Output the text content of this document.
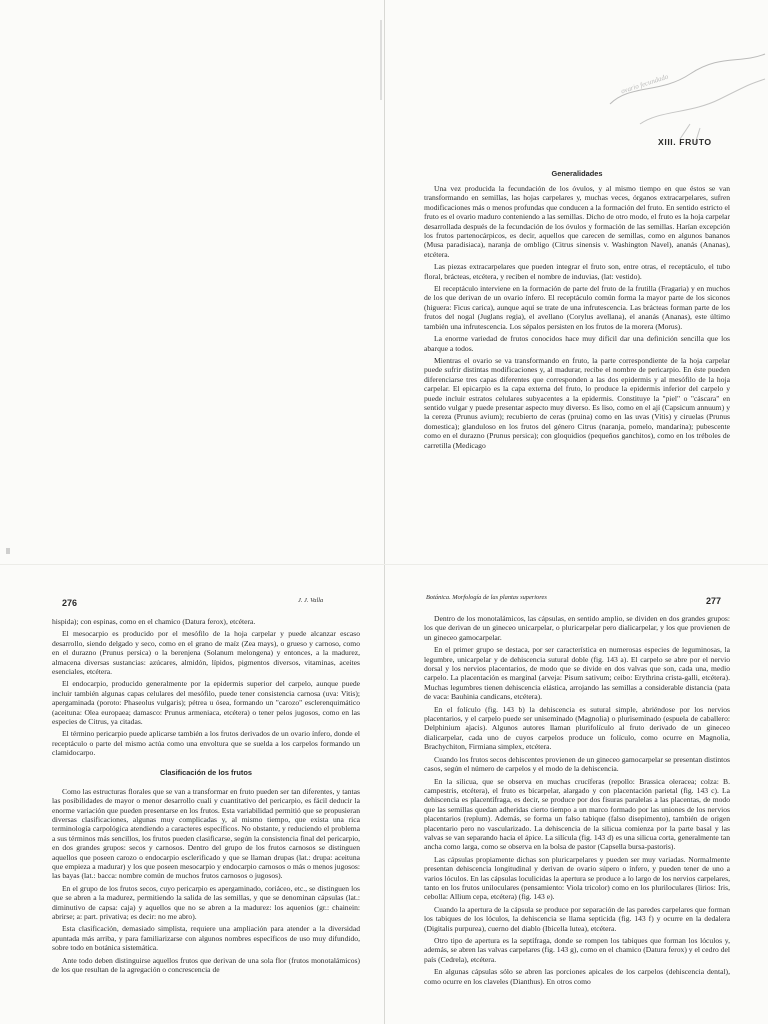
ovario fecundado
XIII. FRUTO
Generalidades

Una vez producida la fecundación de los óvulos, y al mismo tiempo en que éstos se van transformando en semillas, las hojas carpelares y, muchas veces, órganos extracarpelares, sufren modificaciones más o menos profundas que conducen a la formación del fruto. En sentido estricto el fruto es el ovario maduro conteniendo a las semillas. Dicho de otro modo, el fruto es la hoja carpelar desarrollada después de la fecundación de los óvulos y formación de las semillas. Harían excepción los frutos partenocárpicos, es decir, aquellos que carecen de semillas, como en algunos bananos (Musa paradisiaca), naranja de ombligo (Citrus sinensis v. Washington Navel), ananás (Ananas), etcétera.

Las piezas extracarpelares que pueden integrar el fruto son, entre otras, el receptáculo, el tubo floral, brácteas, etcétera, y reciben el nombre de induvias, (lat: vestido).

El receptáculo interviene en la formación de parte del fruto de la frutilla (Fragaria) y en muchos de los que derivan de un ovario ínfero. El receptáculo común forma la mayor parte de los siconos (higuera: Ficus carica), aunque aquí se trate de una infrutescencia. Las brácteas forman parte de los frutos del nogal (Juglans regia), el avellano (Corylus avellana), el ananás (Ananas), este último también una infrutescencia. Los sépalos persisten en los frutos de la morera (Morus).

La enorme variedad de frutos conocidos hace muy difícil dar una definición sencilla que los abarque a todos.

Mientras el ovario se va transformando en fruto, la parte correspondiente de la hoja carpelar puede sufrir distintas modificaciones y, al madurar, recibe el nombre de pericarpio. En éste pueden diferenciarse tres capas diferentes que corresponden a las dos epidermis y al mesófilo de la hoja carpelar. El epicarpio es la capa externa del fruto, lo produce la epidermis inferior del carpelo y puede incluir estratos celulares subyacentes a la epidermis. Constituye la "piel" o "cáscara" en sentido vulgar y puede presentar aspecto muy diverso. Es liso, como en el ají (Capsicum annuum) y la cereza (Prunus avium); recubierto de ceras (pruina) como en las uvas (Vitis) y ciruelas (Prunus domestica); glanduloso en los frutos del género Citrus (naranja, pomelo, mandarina); pubescente como en el durazno (Prunus persica); con gloquidios (pequeños ganchitos), como en los tréboles de carretilla (Medicago

276	J. J. Valla

hispida); con espinas, como en el chamico (Datura ferox), etcétera.

El mesocarpio es producido por el mesófilo de la hoja carpelar y puede alcanzar escaso desarrollo, siendo delgado y seco, como en el grano de maíz (Zea mays), o grueso y carnoso, como en el durazno (Prunus persica) o la berenjena (Solanum melongena) y entonces, a la madurez, almacena diversas sustancias: azúcares, almidón, lípidos, pigmentos diversos, vitaminas, aceites esenciales, etcétera.

El endocarpio, producido generalmente por la epidermis superior del carpelo, aunque puede incluir también algunas capas celulares del mesófilo, puede tener consistencia carnosa (uva: Vitis); apergaminada (poroto: Phaseolus vulgaris); pétrea u ósea, formando un "carozo" esclerenquimático (aceituna: Olea europaea; damasco: Prunus armeniaca, etcétera) o tener pelos jugosos, como en las especies de Citrus, ya citadas.

El término pericarpio puede aplicarse también a los frutos derivados de un ovario ínfero, donde el receptáculo o parte del mismo actúa como una envoltura que se suelda a los carpelos formando un clamidocarpo.

Clasificación de los frutos

Como las estructuras florales que se van a transformar en fruto pueden ser tan diferentes, y tantas las posibilidades de mayor o menor desarrollo cuali y cuantitativo del pericarpio, es fácil deducir la enorme variación que pueden presentarse en los frutos. Esta variabilidad permitió que se propusieran diversas clasificaciones, algunas muy complicadas y, al mismo tiempo, que exista una rica terminología carpológica atendiendo a caracteres específicos. No obstante, y reduciendo el problema a sus términos más sencillos, los frutos pueden clasificarse, según la consistencia final del pericarpio, en dos grandes grupos: secos y carnosos. Dentro del grupo de los frutos carnosos se distinguen aquellos que poseen carozo o endocarpio esclerificado y que se llaman drupas (lat.: drupa: aceituna que empieza a madurar) y los que poseen mesocarpio y endocarpio carnosos o más o menos jugosos: las bayas (lat.: bacca: nombre común de muchos frutos carnosos o jugosos).

En el grupo de los frutos secos, cuyo pericarpio es apergaminado, coriáceo, etc., se distinguen los que se abren a la madurez, permitiendo la salida de las semillas, y que se denominan cápsulas (lat.: diminutivo de capsa: caja) y aquellos que no se abren a la madurez: los aquenios (gr.: chainein: abrirse; a: part. privativa; es decir: no me abro).

Esta clasificación, demasiado simplista, requiere una ampliación para atender a la diversidad apuntada más arriba, y para familiarizarse con algunos nombres específicos de uso muy difundido, sobre todo en botánica sistemática.

Ante todo deben distinguirse aquellos frutos que derivan de una sola flor (frutos monotalámicos) de los que resultan de la agregación o concrescencia de

Botánica. Morfología de las plantas superiores	277

Dentro de los monotalámicos, las cápsulas, en sentido amplio, se dividen en dos grandes grupos: los que derivan de un gineceo unicarpelar, o pluricarpelar pero dialicarpelar, y los que provienen de un gineceo gamocarpelar.

En el primer grupo se destaca, por ser característica en numerosas especies de leguminosas, la legumbre, unicarpelar y de dehiscencia sutural doble (fig. 143 a). El carpelo se abre por el nervio dorsal y los nervios placentarios, de modo que se divide en dos valvas que son, cada una, medio carpelo. La placentación es marginal (arveja: Pisum sativum; ceibo: Erythrina crista-galli, etcétera). Muchas legumbres tienen dehiscencia elástica, arrojando las semillas a considerable distancia (pata de vaca: Bauhinia candicans, etcétera).

En el folículo (fig. 143 b) la dehiscencia es sutural simple, abriéndose por los nervios placentarios, y el carpelo puede ser uniseminado (Magnolia) o pluriseminado (espuela de caballero: Delphinium ajacis). Algunos autores llaman plurifolículo al fruto derivado de un gineceo dialicarpelar, cada uno de cuyos carpelos produce un folículo, como ocurre en Magnolia, Brachychiton, Firmiana simplex, etcétera.

Cuando los frutos secos dehiscentes provienen de un gineceo gamocarpelar se presentan distintos casos, según el número de carpelos y el modo de la dehiscencia.

En la silicua, que se observa en muchas crucíferas (repollo: Brassica oleracea; colza: B. campestris, etcétera), el fruto es bicarpelar, alargado y con placentación parietal (fig. 143 c). La dehiscencia es placentífraga, es decir, se produce por dos fisuras paralelas a las placentas, de modo que las semillas quedan adheridas cierto tiempo a un marco formado por las uniones de los nervios placentarios (replum). Además, se forma un falso tabique (falso disepimento), también de origen placentario pero no vascularizado. La dehiscencia de la silicua comienza por la parte basal y las valvas se van separando hacia el ápice. La silícula (fig. 143 d) es una silicua corta, generalmente tan ancha como larga, como se observa en la bolsa de pastor (Capsella bursa-pastoris).

Las cápsulas propiamente dichas son pluricarpelares y pueden ser muy variadas. Normalmente presentan dehiscencia longitudinal y derivan de ovario súpero o ínfero, y pueden tener de uno a varios lóculos. En las cápsulas loculicidas la apertura se produce a lo largo de los nervios carpelares, tanto en los frutos uniloculares (pensamiento: Viola tricolor) como en los pluriloculares (lirios: Iris, cebolla: Allium cepa, etcétera) (fig. 143 e).

Cuando la apertura de la cápsula se produce por separación de las paredes carpelares que forman los tabiques de los lóculos, la dehiscencia se llama septicida (fig. 143 f) y ocurre en la dedalera (Digitalis purpurea), cuerno del diablo (Ibicella lutea), etcétera.

Otro tipo de apertura es la septífraga, donde se rompen los tabiques que forman los lóculos y, además, se abren las valvas carpelares (fig. 143 g), como en el chamico (Datura ferox) y el cedro del país (Cedrela), etcétera.

En algunas cápsulas sólo se abren las porciones apicales de los carpelos (dehiscencia dental), como ocurre en los claveles (Dianthus). En otros como
